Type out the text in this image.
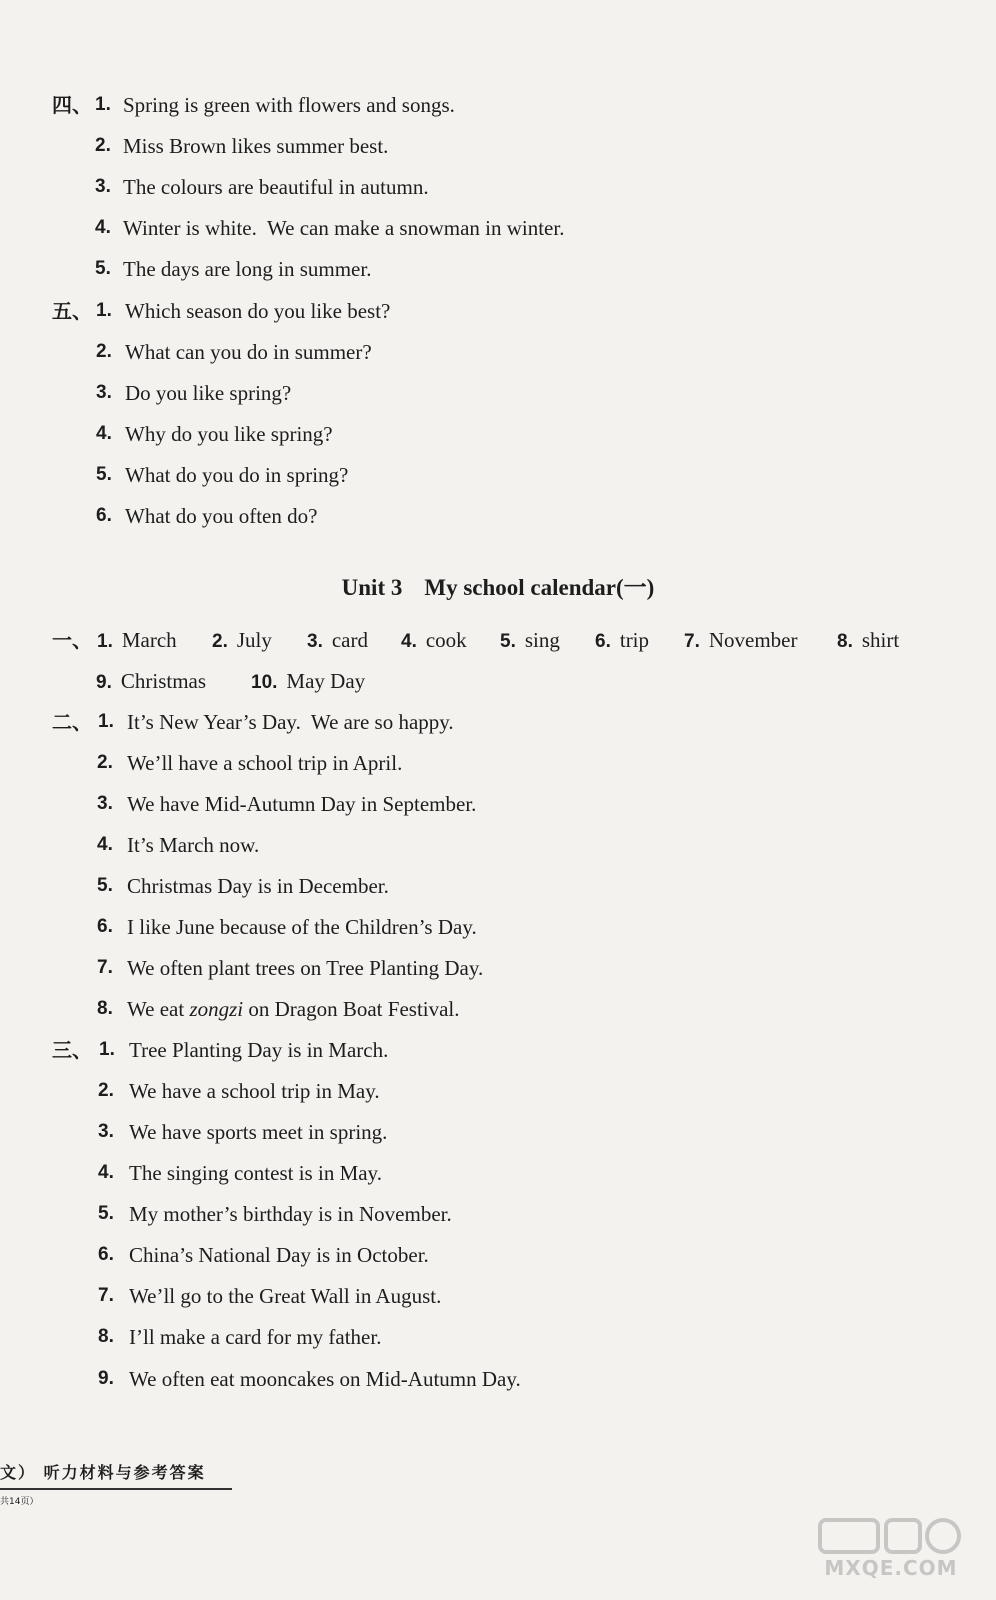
四、 1. Spring is green with flowers and songs.
2. Miss Brown likes summer best.
3. The colours are beautiful in autumn.
4. Winter is white.  We can make a snowman in winter.
5. The days are long in summer.
五、 1. Which season do you like best?
2. What can you do in summer?
3. Do you like spring?
4. Why do you like spring?
5. What do you do in spring?
6. What do you often do?
Unit 3 My school calendar(一)
一、 1. March 2. July 3. card 4. cook 5. sing 6. trip 7. November 8. shirt
9. Christmas 10. May Day
二、 1. It’s New Year’s Day.  We are so happy.
2. We’ll have a school trip in April.
3. We have Mid-Autumn Day in September.
4. It’s March now.
5. Christmas Day is in December.
6. I like June because of the Children’s Day.
7. We often plant trees on Tree Planting Day.
8. We eat zongzi on Dragon Boat Festival.
三、 1. Tree Planting Day is in March.
2. We have a school trip in May.
3. We have sports meet in spring.
4. The singing contest is in May.
5. My mother’s birthday is in November.
6. China’s National Day is in October.
7. We’ll go to the Great Wall in August.
8. I’ll make a card for my father.
9. We often eat mooncakes on Mid-Autumn Day.
文） 听力材料与参考答案
共14页）
MXQE.COM
